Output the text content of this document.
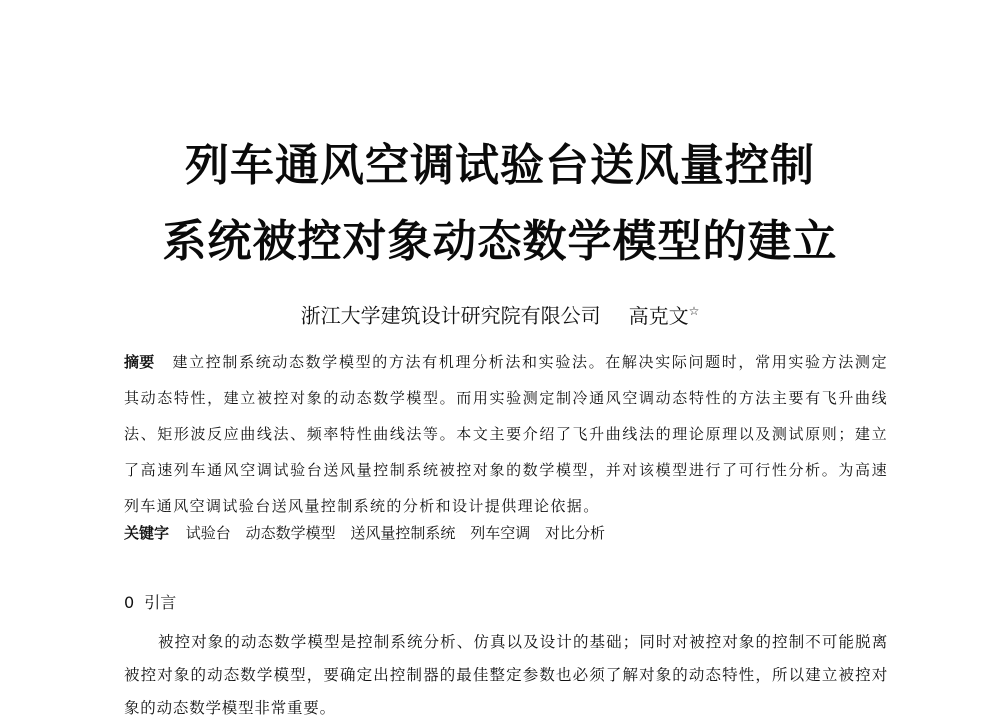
列车通风空调试验台送风量控制
系统被控对象动态数学模型的建立
浙江大学建筑设计研究院有限公司 高克文☆
摘要 建立控制系统动态数学模型的方法有机理分析法和实验法。在解决实际问题时，常用实验方法测定其动态特性，建立被控对象的动态数学模型。而用实验测定制冷通风空调动态特性的方法主要有飞升曲线法、矩形波反应曲线法、频率特性曲线法等。本文主要介绍了飞升曲线法的理论原理以及测试原则；建立了高速列车通风空调试验台送风量控制系统被控对象的数学模型，并对该模型进行了可行性分析。为高速列车通风空调试验台送风量控制系统的分析和设计提供理论依据。
关键字 试验台 动态数学模型 送风量控制系统 列车空调 对比分析
0 引言
被控对象的动态数学模型是控制系统分析、仿真以及设计的基础；同时对被控对象的控制不可能脱离被控对象的动态数学模型，要确定出控制器的最佳整定参数也必须了解对象的动态特性，所以建立被控对象的动态数学模型非常重要。
